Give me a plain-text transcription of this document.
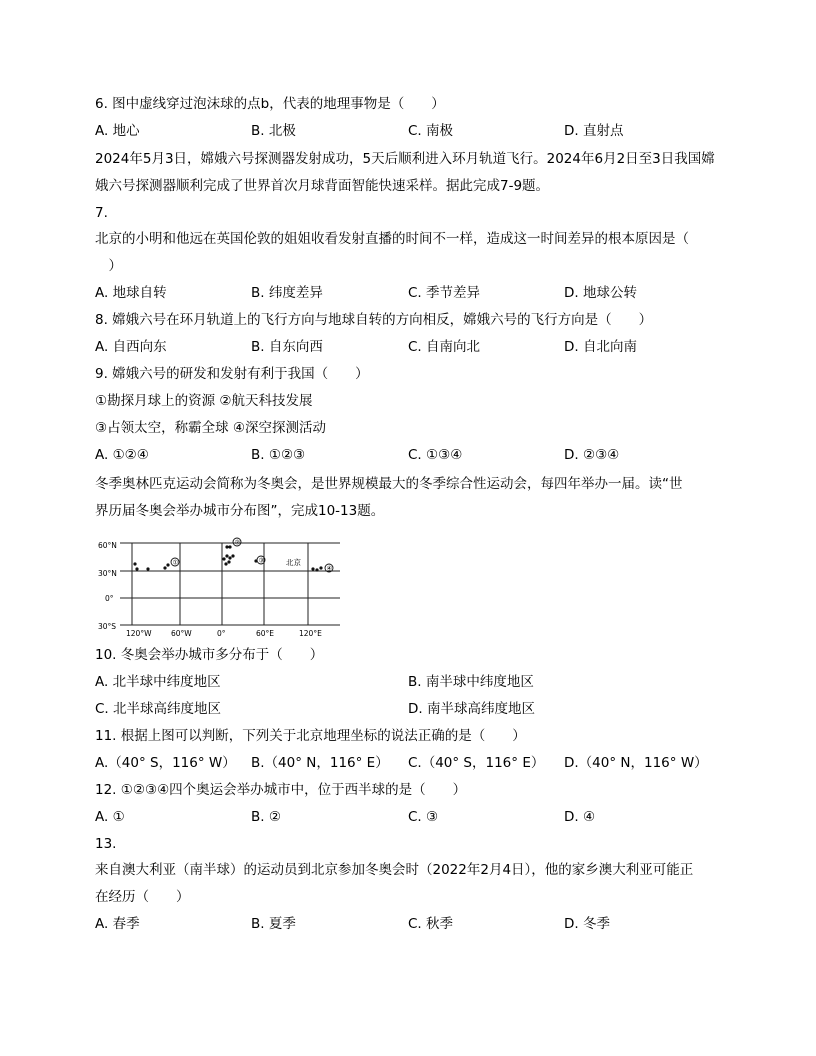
6. 图中虚线穿过泡沫球的点b，代表的地理事物是（　　）
A. 地心	B. 北极	C. 南极	D. 直射点
2024年5月3日，嫦娥六号探测器发射成功，5天后顺利进入环月轨道飞行。2024年6月2日至3日我国嫦
娥六号探测器顺利完成了世界首次月球背面智能快速采样。据此完成7-9题。
7.
北京的小明和他远在英国伦敦的姐姐收看发射直播的时间不一样，造成这一时间差异的根本原因是（
　）
A. 地球自转	B. 纬度差异	C. 季节差异	D. 地球公转
8. 嫦娥六号在环月轨道上的飞行方向与地球自转的方向相反，嫦娥六号的飞行方向是（　　）
A. 自西向东	B. 自东向西	C. 自南向北	D. 自北向南
9. 嫦娥六号的研发和发射有利于我国（　　）
①勘探月球上的资源 ②航天科技发展
③占领太空，称霸全球 ④深空探测活动
A. ①②④	B. ①②③	C. ①③④	D. ②③④
冬季奥林匹克运动会简称为冬奥会，是世界规模最大的冬季综合性运动会，每四年举办一届。读“世
界历届冬奥会举办城市分布图”，完成10-13题。
60°N
30°N
0°
30°S
120°W	60°W	0°	60°E	120°E
①
②
③
④
北京
10. 冬奥会举办城市多分布于（　　）
A. 北半球中纬度地区	B. 南半球中纬度地区
C. 北半球高纬度地区	D. 南半球高纬度地区
11. 根据上图可以判断，下列关于北京地理坐标的说法正确的是（　　）
A.（40° S，116° W） B.（40° N，116° E） C.（40° S，116° E） D.（40° N，116° W）
12. ①②③④四个奥运会举办城市中，位于西半球的是（　　）
A. ①	B. ②	C. ③	D. ④
13.
来自澳大利亚（南半球）的运动员到北京参加冬奥会时（2022年2月4日），他的家乡澳大利亚可能正
在经历（　　）
A. 春季	B. 夏季	C. 秋季	D. 冬季
